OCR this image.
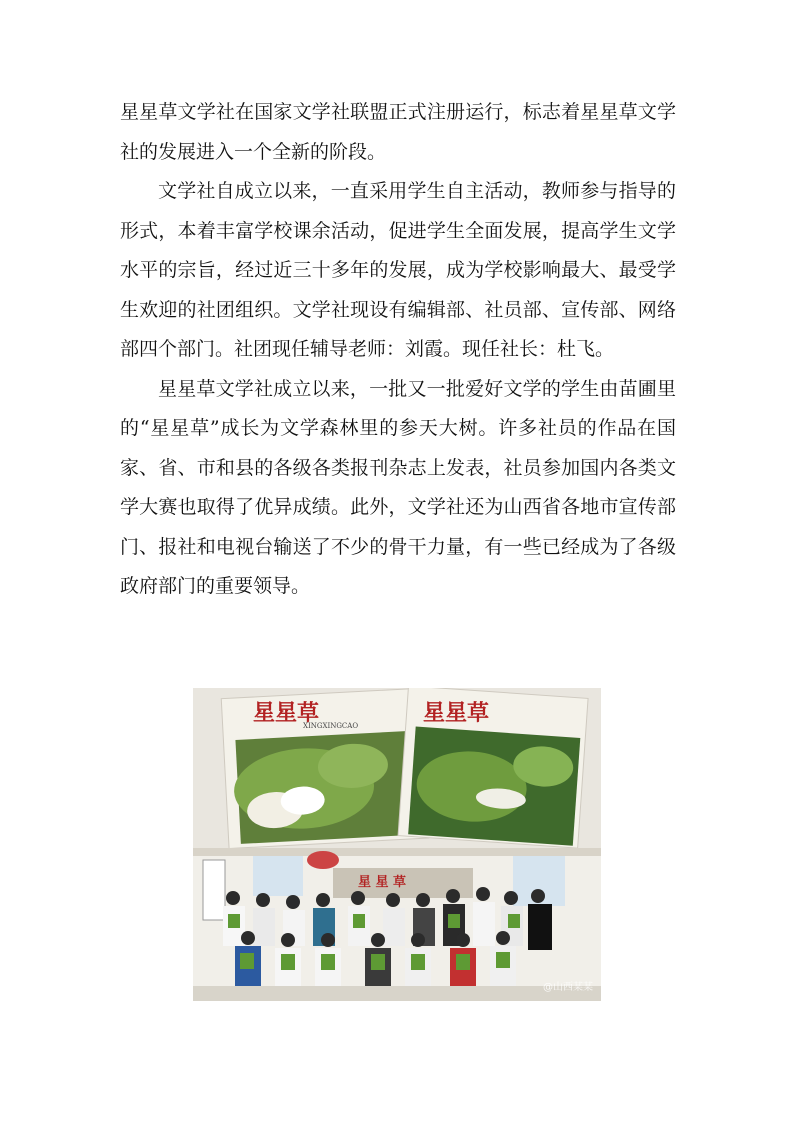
星星草文学社在国家文学社联盟正式注册运行，标志着星星草文学社的发展进入一个全新的阶段。

文学社自成立以来，一直采用学生自主活动，教师参与指导的形式，本着丰富学校课余活动，促进学生全面发展，提高学生文学水平的宗旨，经过近三十多年的发展，成为学校影响最大、最受学生欢迎的社团组织。文学社现设有编辑部、社员部、宣传部、网络部四个部门。社团现任辅导老师：刘霞。现任社长：杜飞。

星星草文学社成立以来，一批又一批爱好文学的学生由苗圃里的“星星草”成长为文学森林里的参天大树。许多社员的作品在国家、省、市和县的各级各类报刊杂志上发表，社员参加国内各类文学大赛也取得了优异成绩。此外，文学社还为山西省各地市宣传部门、报社和电视台输送了不少的骨干力量，有一些已经成为了各级政府部门的重要领导。

星星草	星星草
XINGXINGCAO
星 星 草
@山西某某
